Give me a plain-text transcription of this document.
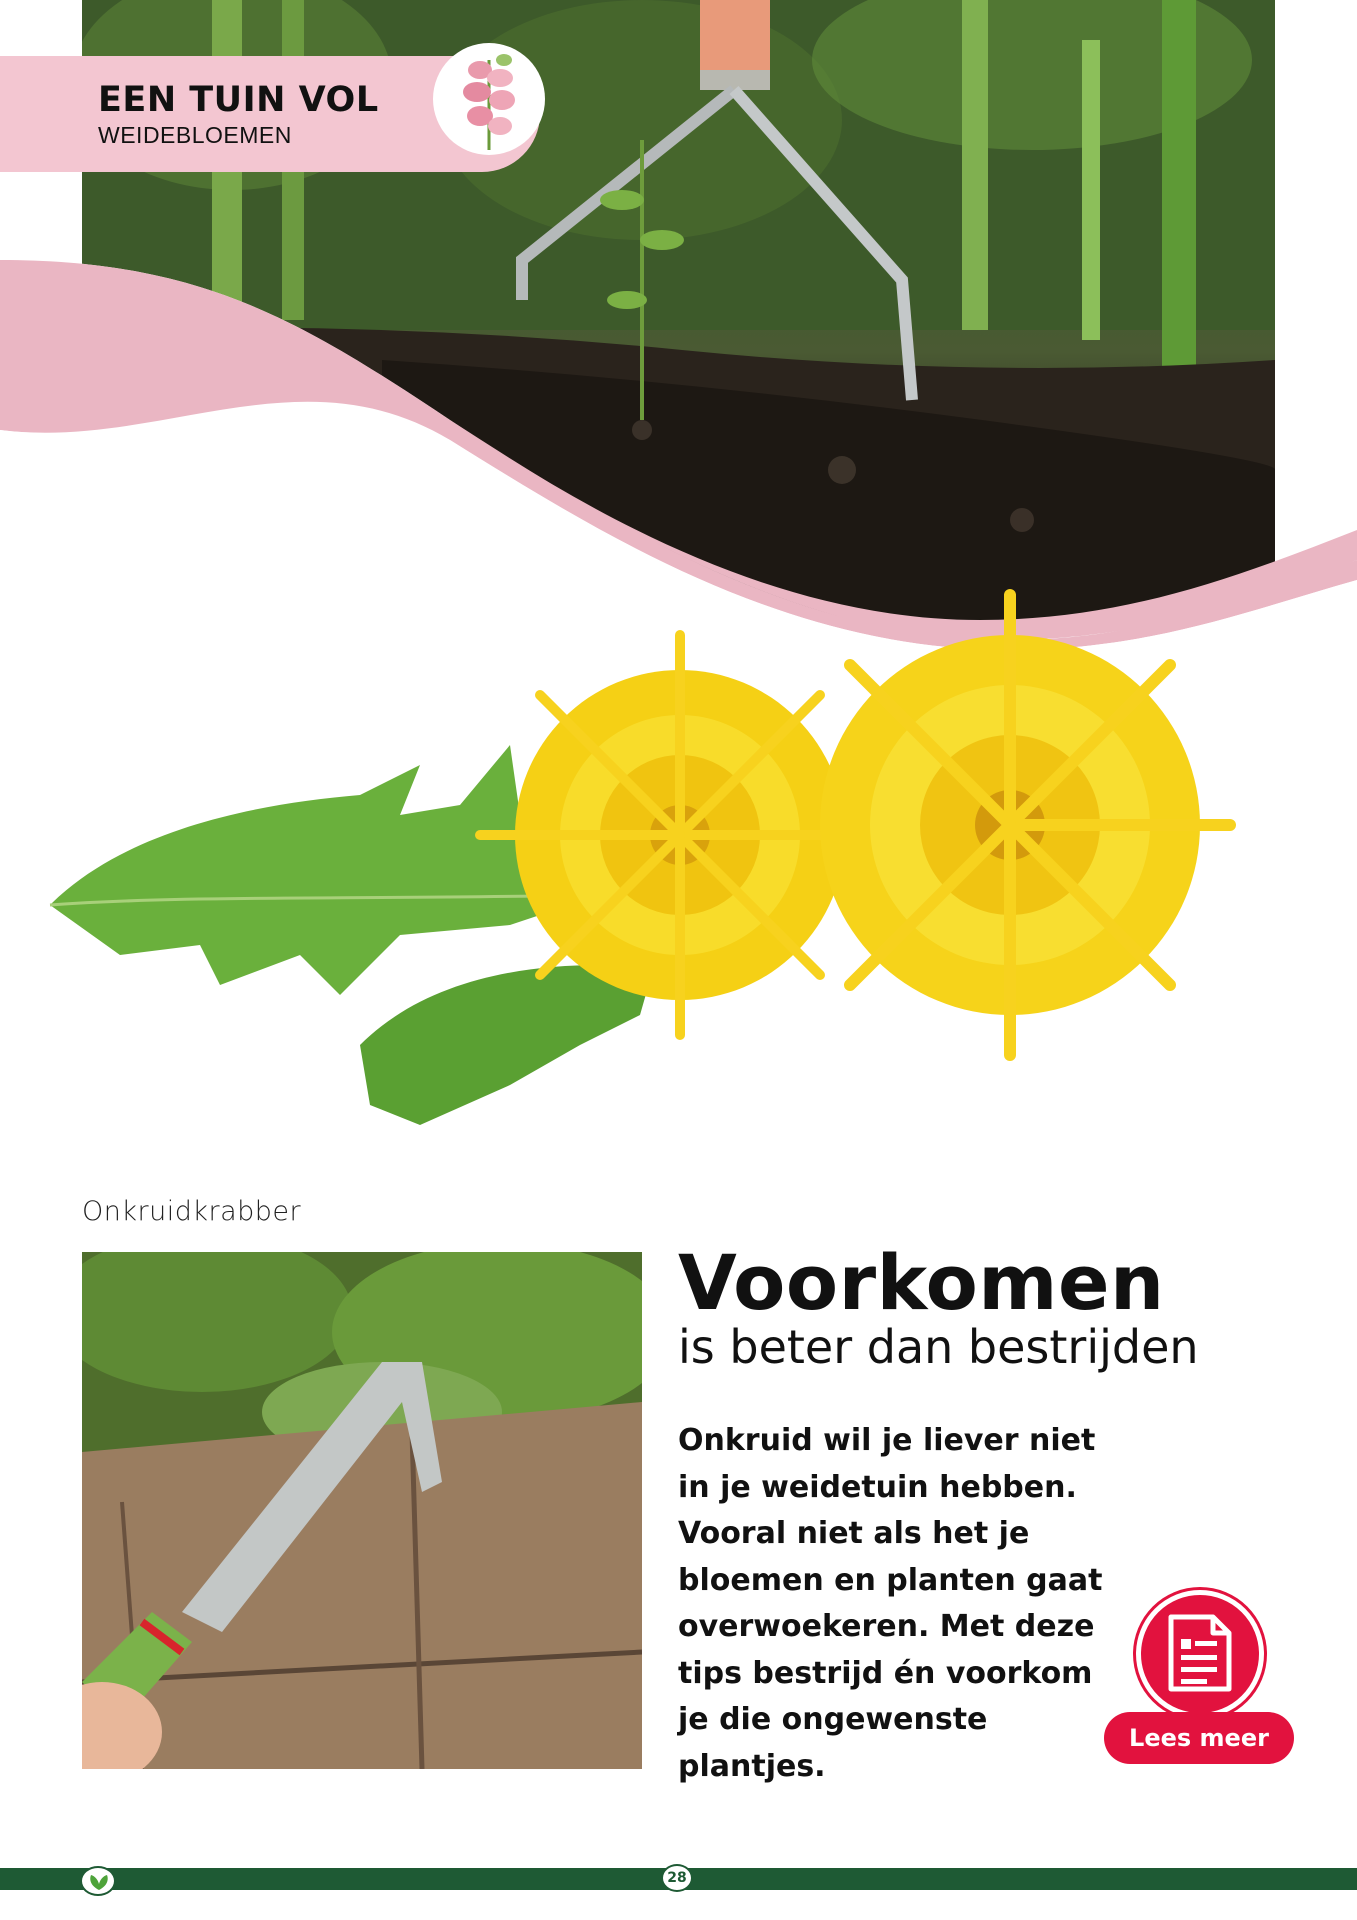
EEN TUIN VOL
WEIDEBLOEMEN
Onkruidkrabber
Voorkomen
is beter dan bestrijden
Onkruid wil je liever niet
in je weidetuin hebben.
Vooral niet als het je
bloemen en planten gaat
overwoekeren. Met deze
tips bestrijd én voorkom
je die ongewenste
plantjes.
Lees meer
28
